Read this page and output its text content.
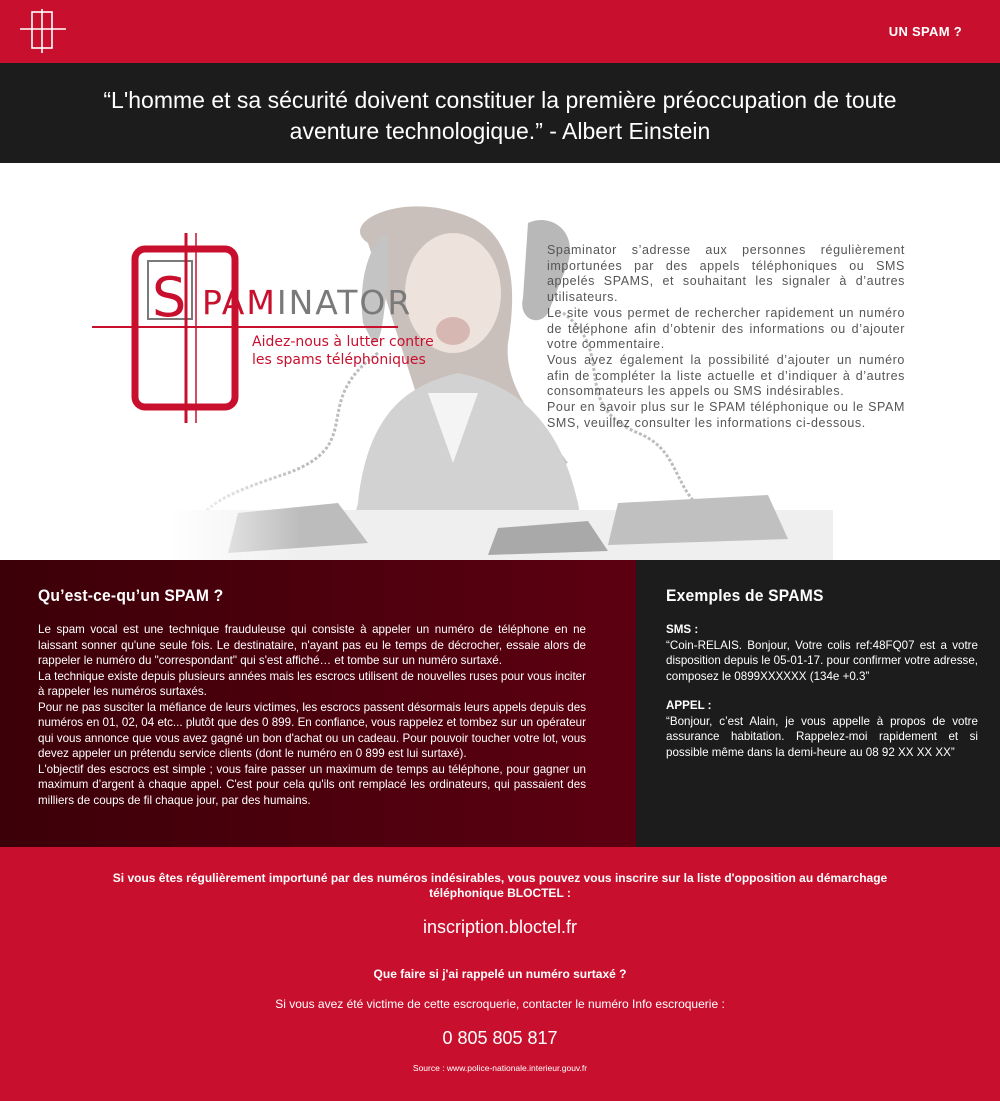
UN SPAM ?
“L'homme et sa sécurité doivent constituer la première préoccupation de toute aventure technologique.” - Albert Einstein
S PAMINATOR
Aidez-nous à lutter contre
les spams téléphoniques

Spaminator s’adresse aux personnes régulièrement importunées par des appels téléphoniques ou SMS appelés SPAMS, et souhaitant les signaler à d’autres utilisateurs.

Le site vous permet de rechercher rapidement un numéro de téléphone afin d’obtenir des informations ou d’ajouter votre commentaire.

Vous avez également la possibilité d’ajouter un numéro afin de compléter la liste actuelle et d’indiquer à d’autres consommateurs les appels ou SMS indésirables.

Pour en savoir plus sur le SPAM téléphonique ou le SPAM SMS, veuillez consulter les informations ci-dessous.

Qu’est-ce-qu’un SPAM ?

Le spam vocal est une technique frauduleuse qui consiste à appeler un numéro de téléphone en ne laissant sonner qu'une seule fois. Le destinataire, n'ayant pas eu le temps de décrocher, essaie alors de rappeler le numéro du "correspondant" qui s'est affiché… et tombe sur un numéro surtaxé.

La technique existe depuis plusieurs années mais les escrocs utilisent de nouvelles ruses pour vous inciter à rappeler les numéros surtaxés.

Pour ne pas susciter la méfiance de leurs victimes, les escrocs passent désormais leurs appels depuis des numéros en 01, 02, 04 etc... plutôt que des 0 899. En confiance, vous rappelez et tombez sur un opérateur qui vous annonce que vous avez gagné un bon d'achat ou un cadeau. Pour pouvoir toucher votre lot, vous devez appeler un prétendu service clients (dont le numéro en 0 899 est lui surtaxé).

L'objectif des escrocs est simple ; vous faire passer un maximum de temps au téléphone, pour gagner un maximum d’argent à chaque appel. C'est pour cela qu'ils ont remplacé les ordinateurs, qui passaient des milliers de coups de fil chaque jour, par des humains.

Exemples de SPAMS
SMS :
“Coin-RELAIS. Bonjour, Votre colis ref:48FQ07 est a votre disposition depuis le 05-01-17. pour confirmer votre adresse, composez le 0899XXXXXX (134e +0.3”
APPEL :
“Bonjour, c’est Alain, je vous appelle à propos de votre assurance habitation. Rappelez-moi rapidement et si possible même dans la demi-heure au 08 92 XX XX XX”
Si vous êtes régulièrement importuné par des numéros indésirables, vous pouvez vous inscrire sur la liste d'opposition au démarchage téléphonique BLOCTEL :
inscription.bloctel.fr
Que faire si j'ai rappelé un numéro surtaxé ?
Si vous avez été victime de cette escroquerie, contacter le numéro Info escroquerie :
0 805 805 817
Source : www.police-nationale.interieur.gouv.fr
